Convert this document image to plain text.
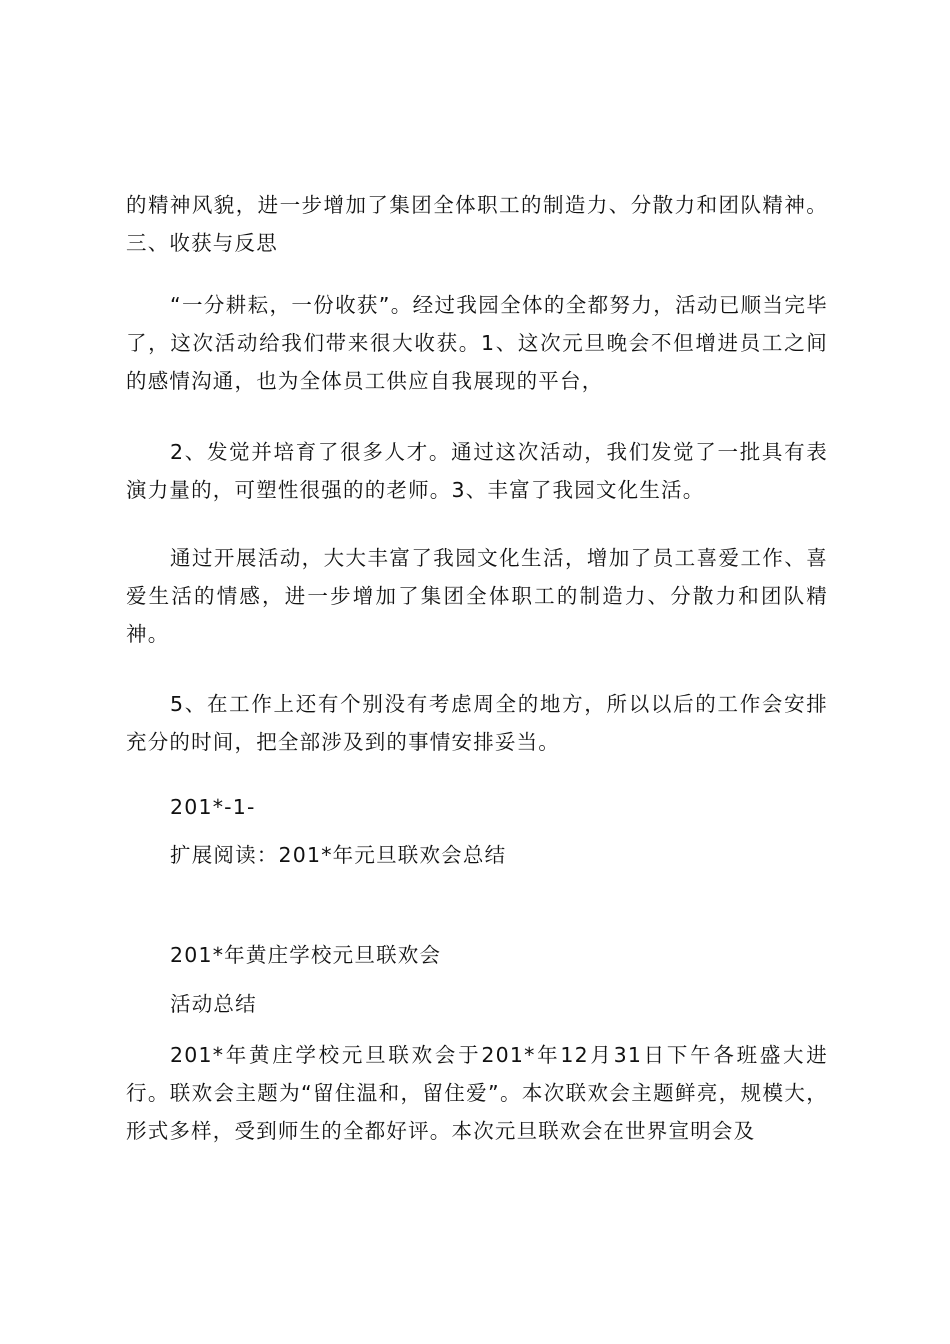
的精神风貌，进一步增加了集团全体职工的制造力、分散力和团队精神。三、收获与反思

“一分耕耘，一份收获”。经过我园全体的全都努力，活动已顺当完毕了，这次活动给我们带来很大收获。1、这次元旦晚会不但增进员工之间的感情沟通，也为全体员工供应自我展现的平台，

2、发觉并培育了很多人才。通过这次活动，我们发觉了一批具有表演力量的，可塑性很强的的老师。3、丰富了我园文化生活。

通过开展活动，大大丰富了我园文化生活，增加了员工喜爱工作、喜爱生活的情感，进一步增加了集团全体职工的制造力、分散力和团队精神。

5、在工作上还有个别没有考虑周全的地方，所以以后的工作会安排充分的时间，把全部涉及到的事情安排妥当。

201*-1-

扩展阅读：201*年元旦联欢会总结

201*年黄庄学校元旦联欢会

活动总结

201*年黄庄学校元旦联欢会于201*年12月31日下午各班盛大进行。联欢会主题为“留住温和，留住爱”。本次联欢会主题鲜亮，规模大，形式多样，受到师生的全都好评。本次元旦联欢会在世界宣明会及
